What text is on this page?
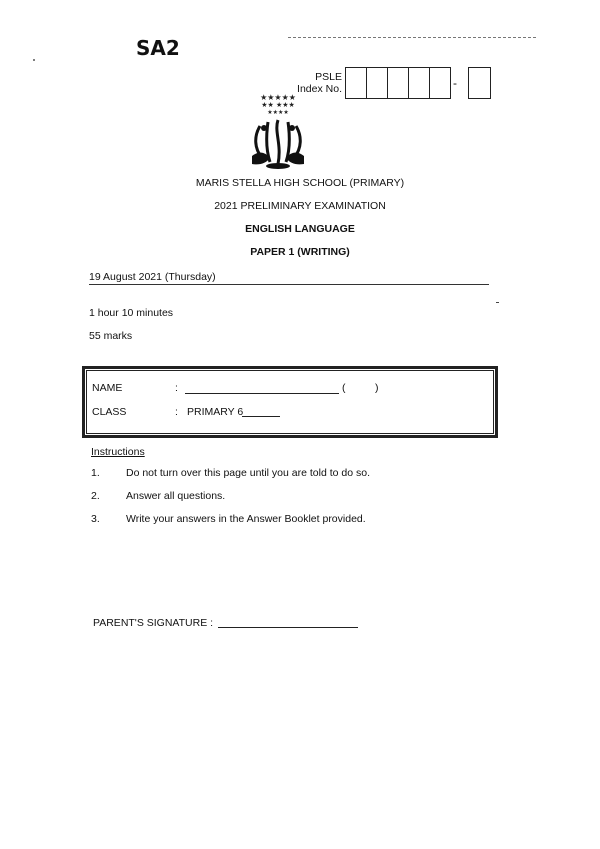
SA2
PSLE
Index No.	-
★★★★★
★★ ★★★
★★★★
MARIS STELLA HIGH SCHOOL (PRIMARY)
2021 PRELIMINARY EXAMINATION
ENGLISH LANGUAGE
PAPER 1 (WRITING)
19 August 2021 (Thursday)
1 hour 10 minutes
55 marks
NAME	:	(	)
CLASS	: PRIMARY 6
Instructions
1. Do not turn over this page until you are told to do so.
2. Answer all questions.
3. Write your answers in the Answer Booklet provided.
PARENT'S SIGNATURE :
